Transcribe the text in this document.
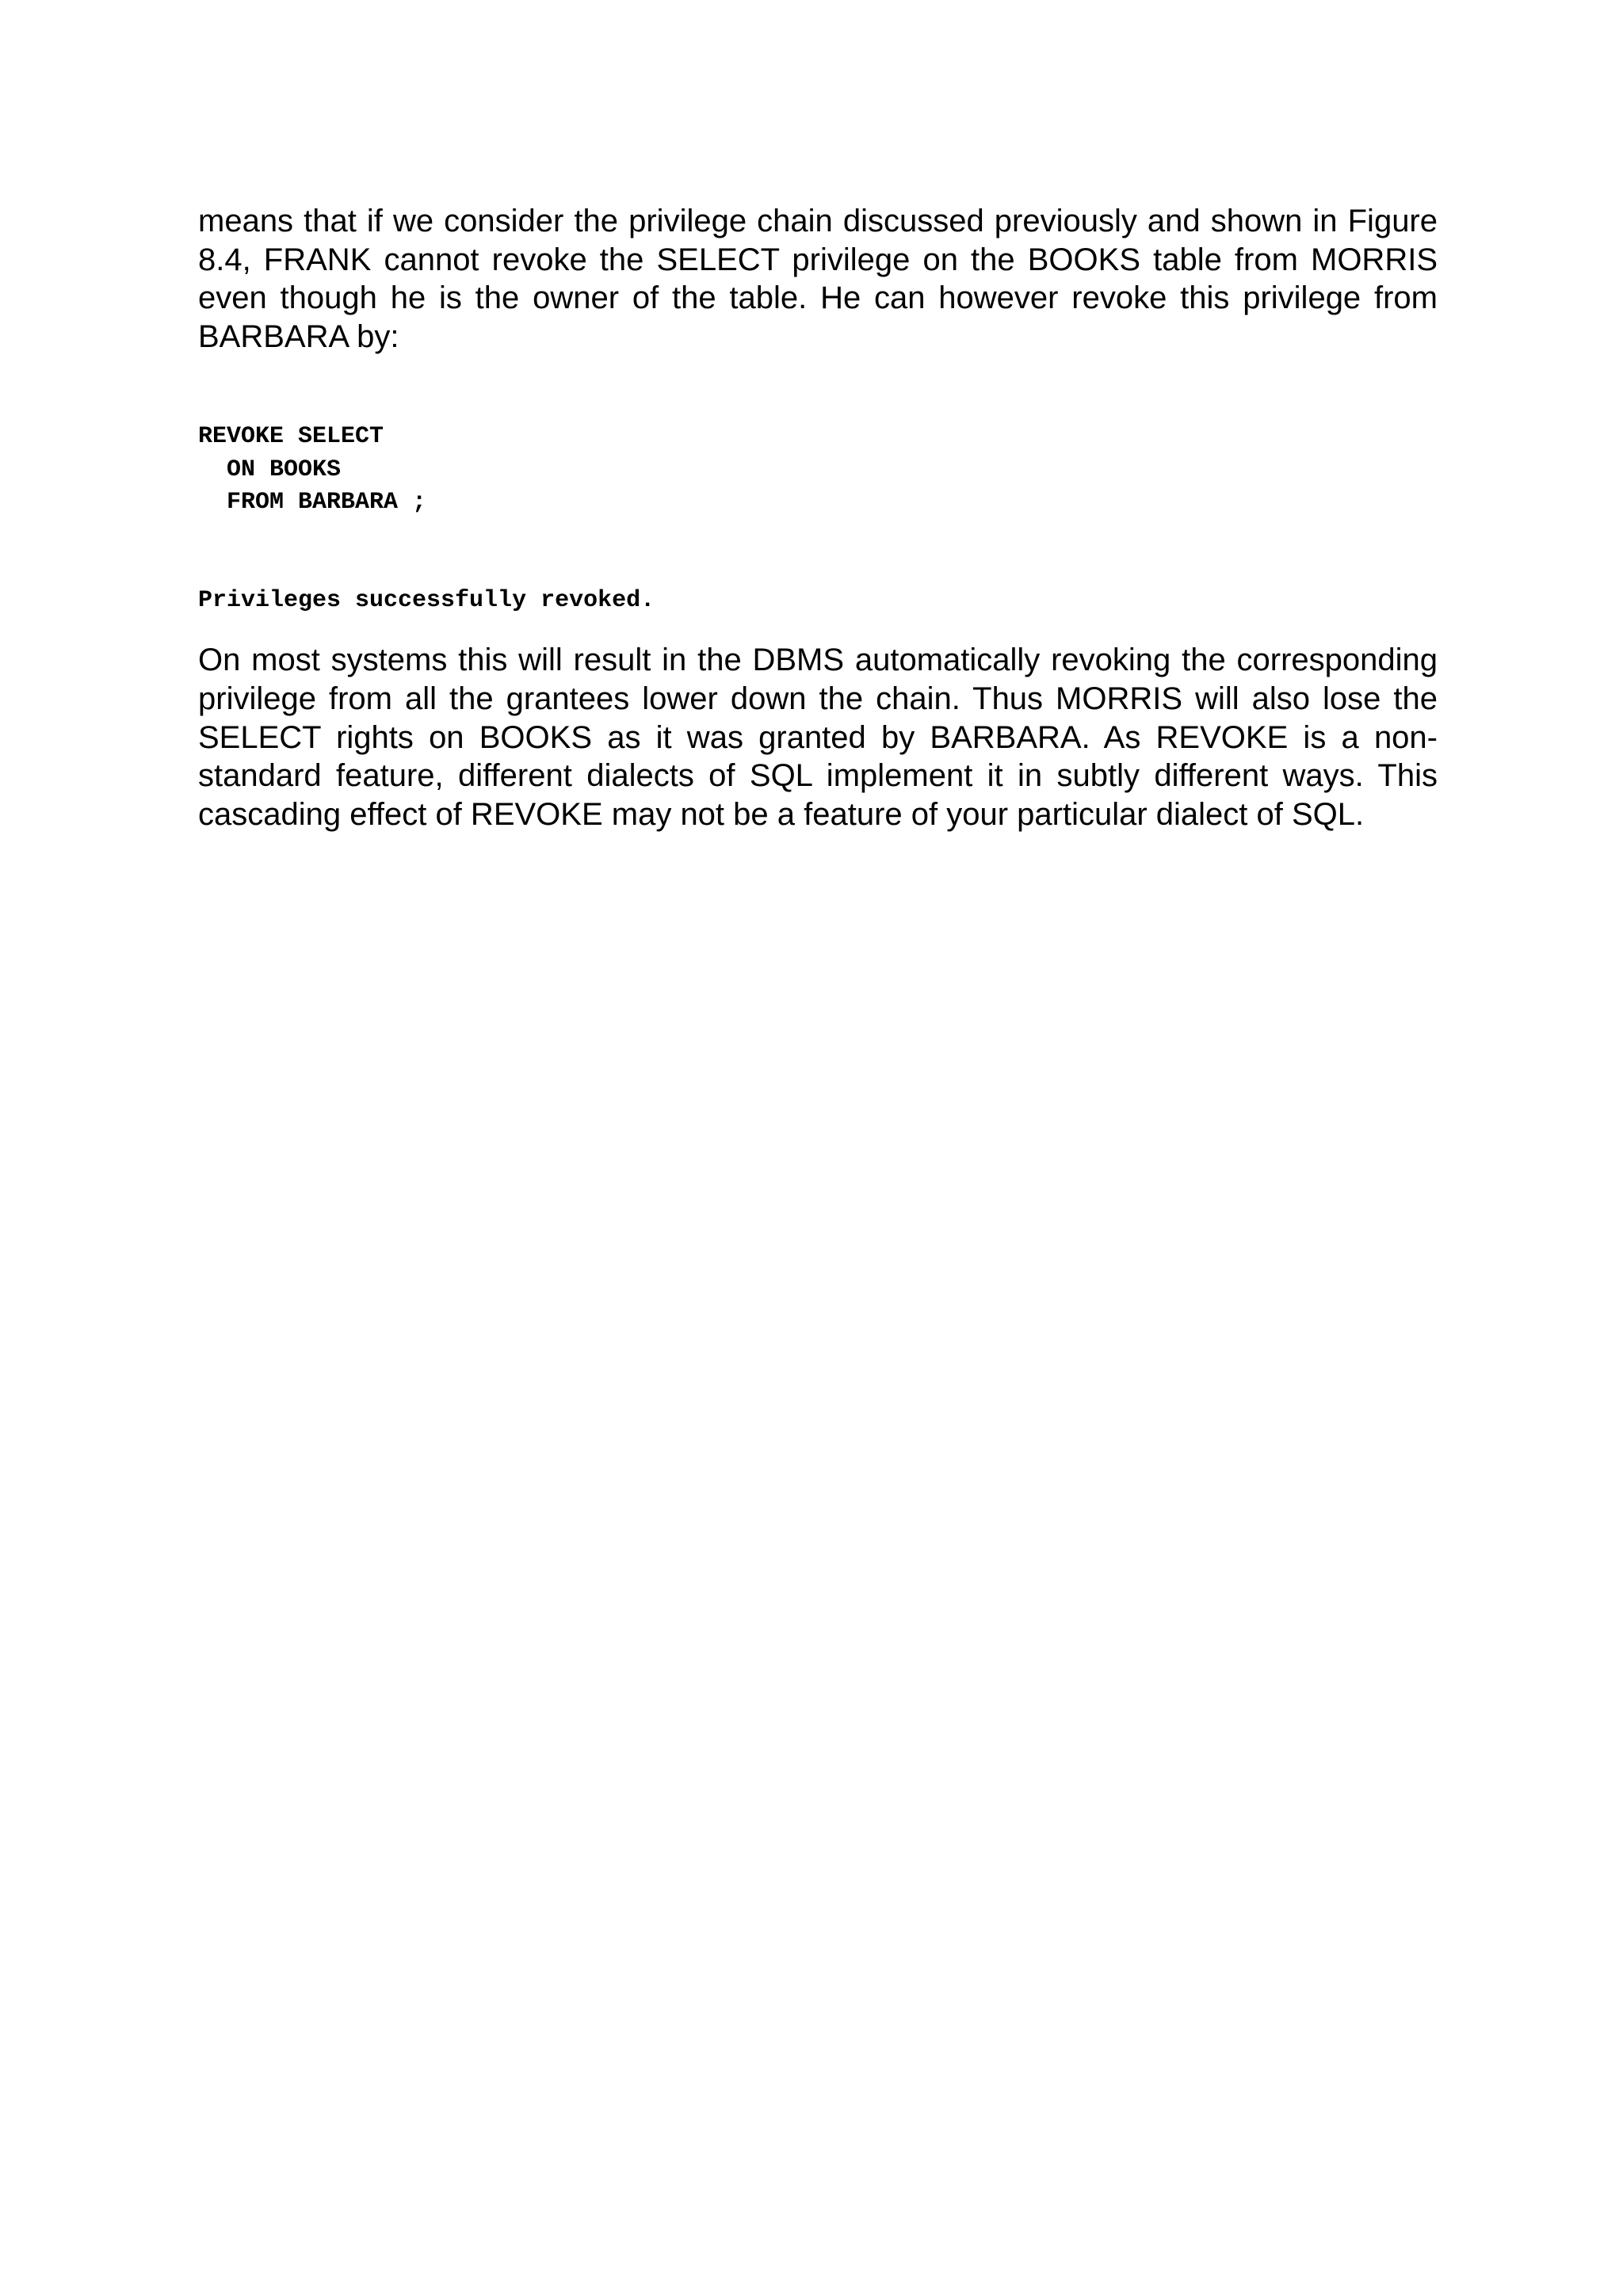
means that if we consider the privilege chain discussed previously and shown in Figure 8.4, FRANK cannot revoke the SELECT privilege on the BOOKS table from MORRIS even though he is the owner of the table. He can however revoke this privilege from BARBARA by:

REVOKE SELECT
ON BOOKS
FROM BARBARA ;
Privileges successfully revoked.

On most systems this will result in the DBMS automatically revoking the corresponding privilege from all the grantees lower down the chain. Thus MORRIS will also lose the SELECT rights on BOOKS as it was granted by BARBARA. As REVOKE is a non-standard feature, different dialects of SQL implement it in subtly different ways. This cascading effect of REVOKE may not be a feature of your particular dialect of SQL.
